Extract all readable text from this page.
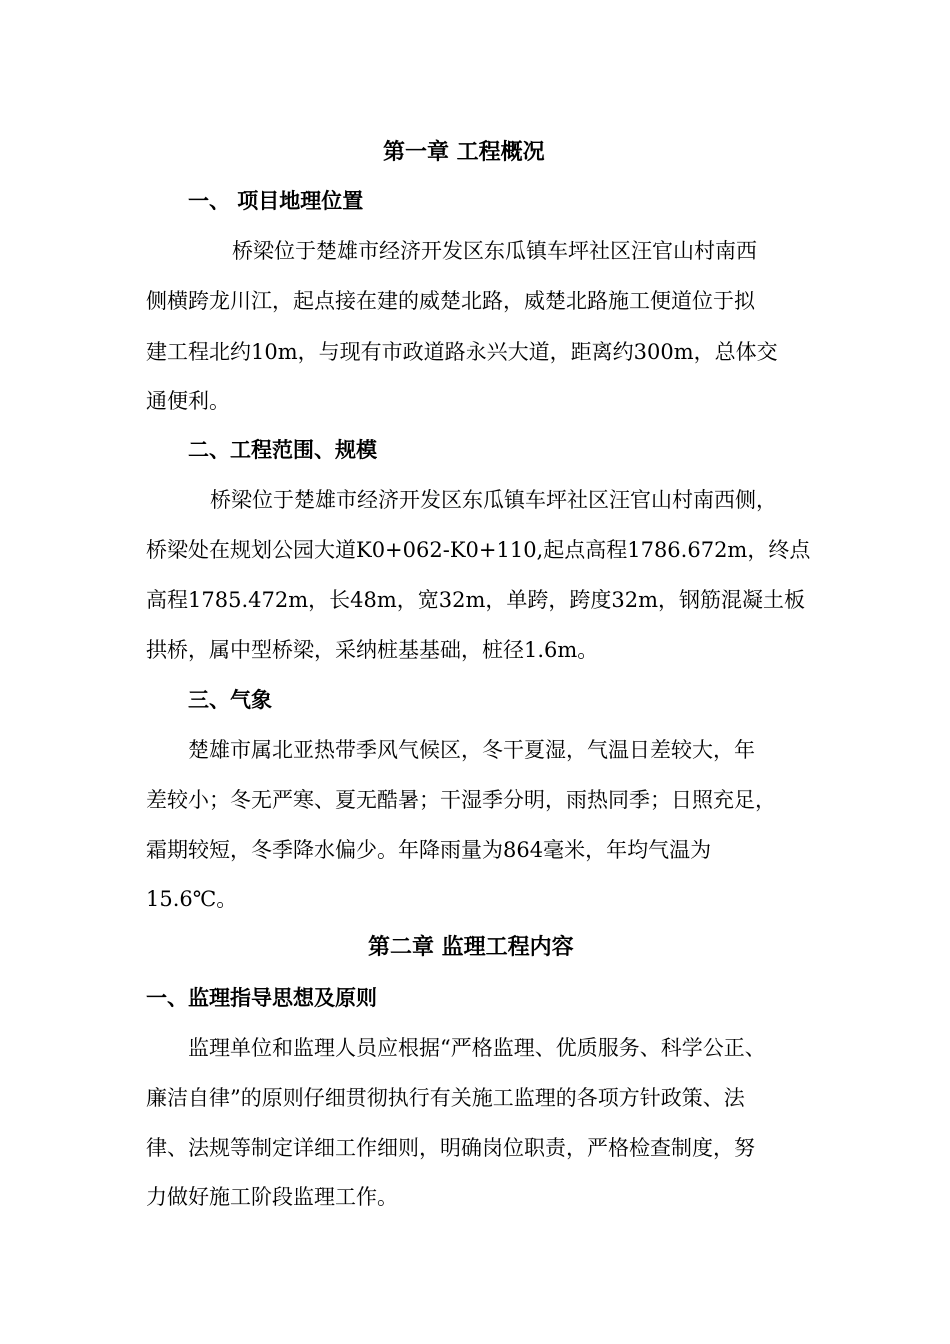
第一章 工程概况
一、 项目地理位置
桥梁位于楚雄市经济开发区东瓜镇车坪社区汪官山村南西
侧横跨龙川江，起点接在建的威楚北路，威楚北路施工便道位于拟
建工程北约10m，与现有市政道路永兴大道，距离约300m，总体交
通便利。
二、工程范围、规模
桥梁位于楚雄市经济开发区东瓜镇车坪社区汪官山村南西侧，
桥梁处在规划公园大道K0+062-K0+110,起点高程1786.672m，终点
高程1785.472m，长48m，宽32m，单跨，跨度32m，钢筋混凝土板
拱桥，属中型桥梁，采纳桩基基础，桩径1.6m。
三、气象
楚雄市属北亚热带季风气候区，冬干夏湿，气温日差较大，年
差较小；冬无严寒、夏无酷暑；干湿季分明，雨热同季；日照充足，
霜期较短，冬季降水偏少。年降雨量为864毫米，年均气温为
15.6℃。
第二章 监理工程内容
一、监理指导思想及原则
监理单位和监理人员应根据“严格监理、优质服务、科学公正、
廉洁自律”的原则仔细贯彻执行有关施工监理的各项方针政策、法
律、法规等制定详细工作细则，明确岗位职责，严格检查制度，努
力做好施工阶段监理工作。
